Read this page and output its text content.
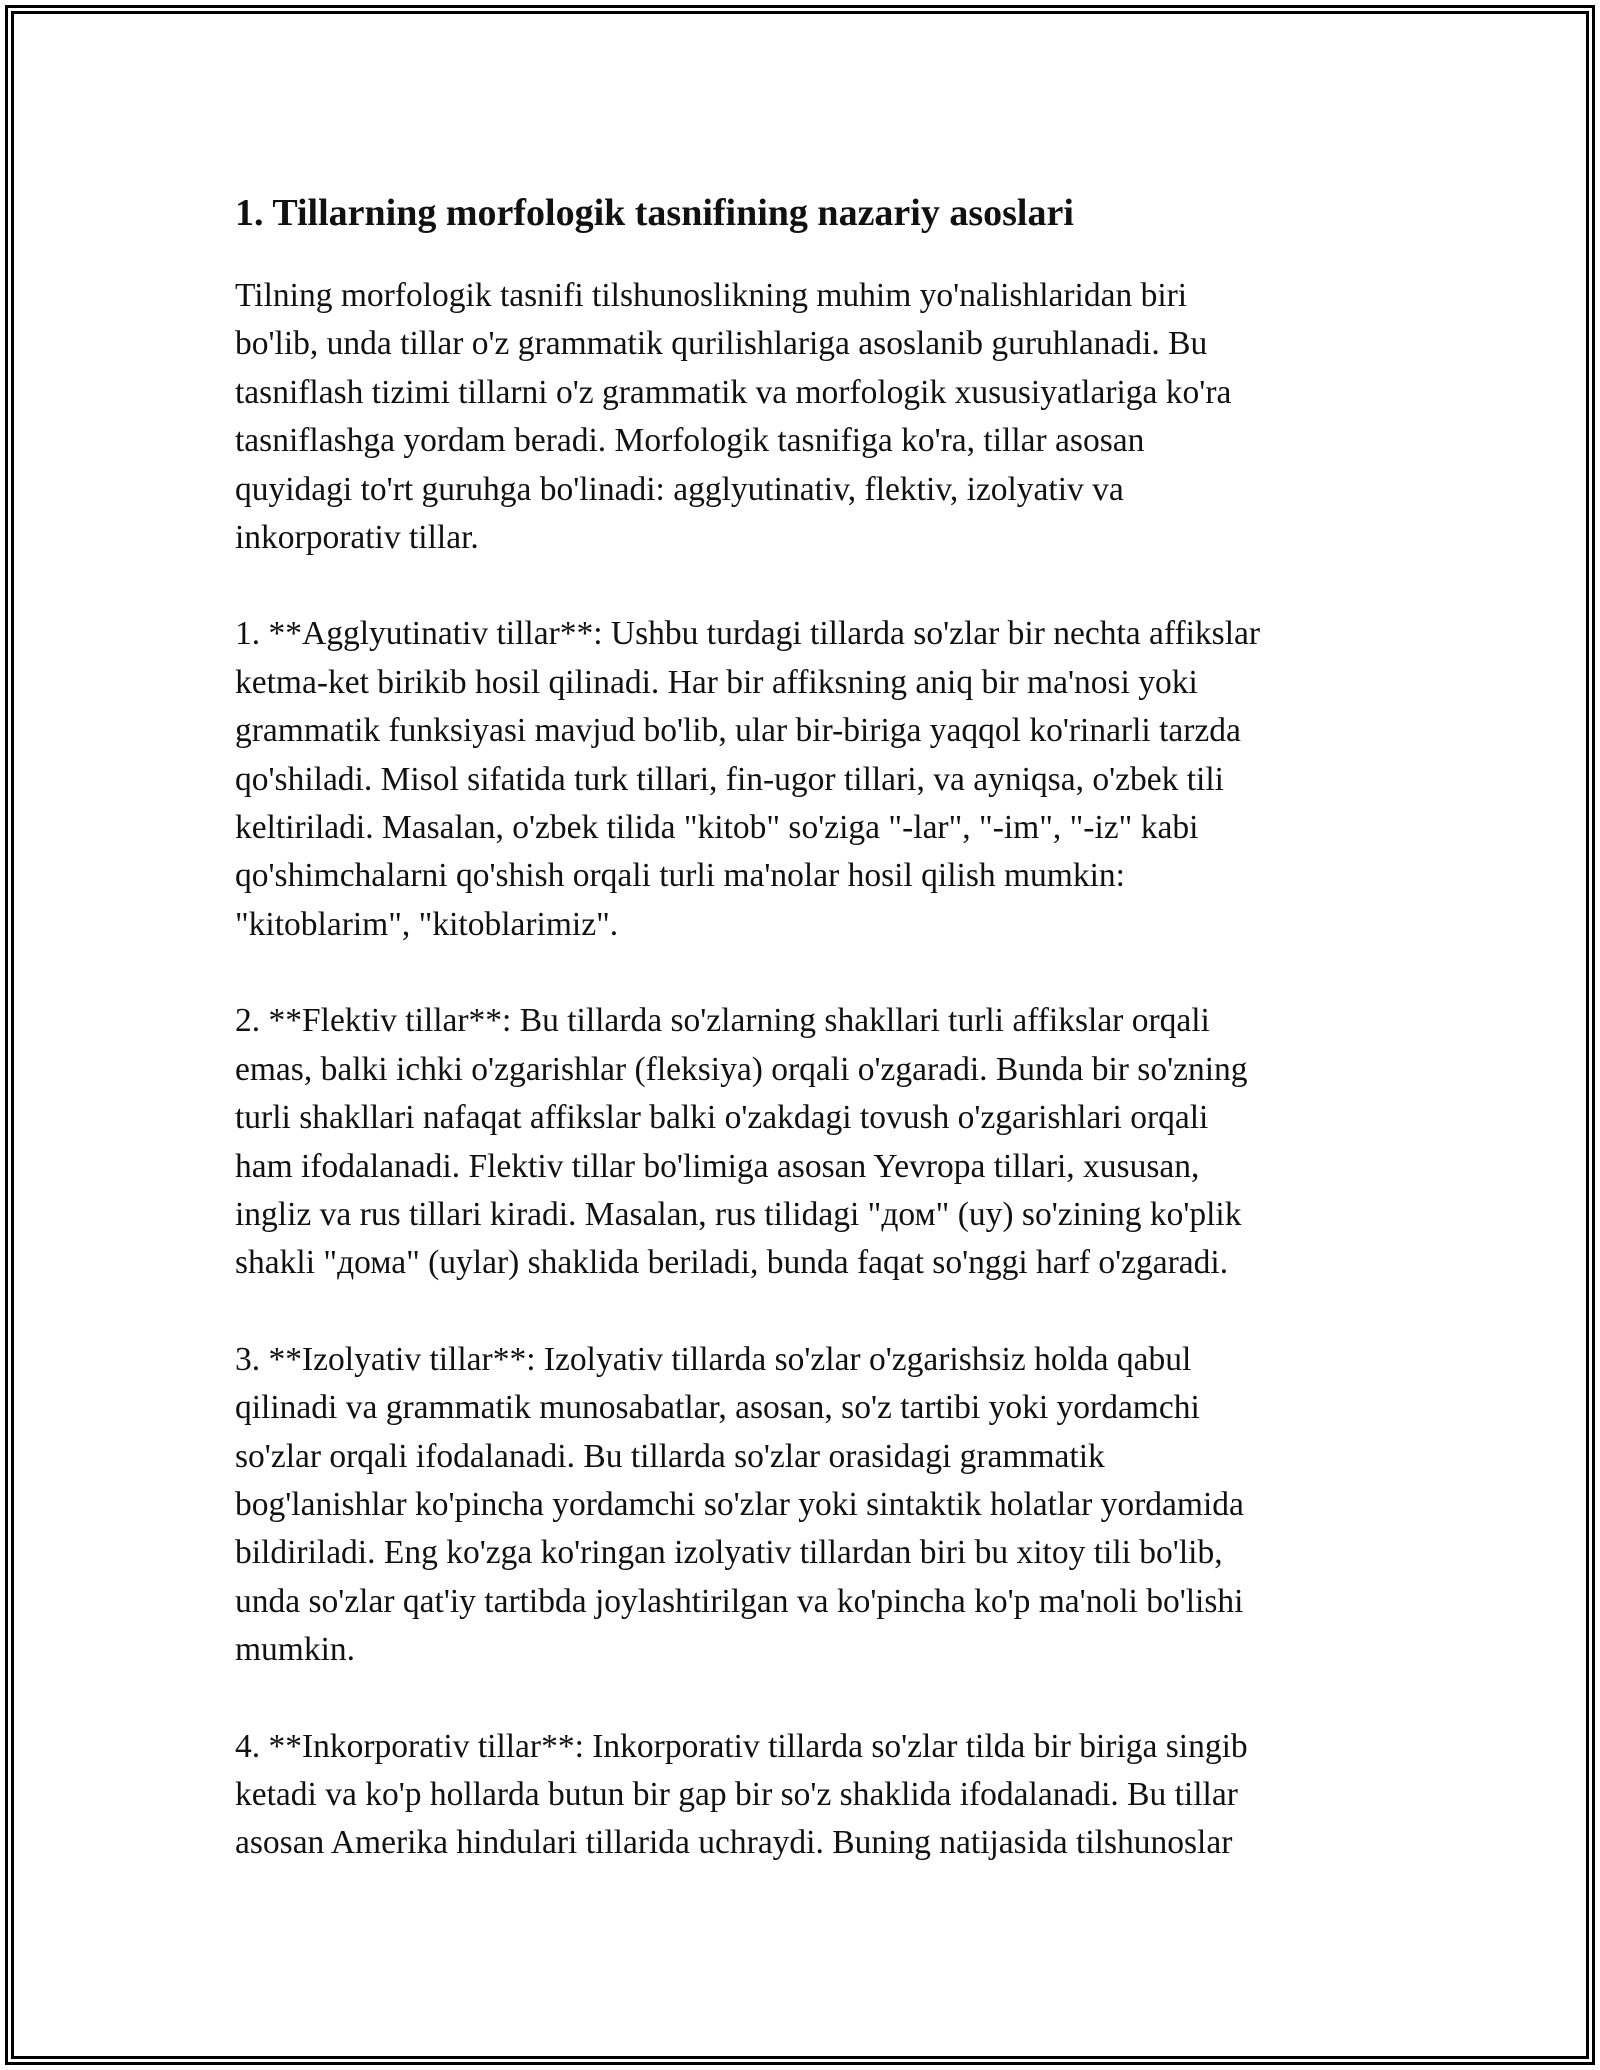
1. Tillarning morfologik tasnifining nazariy asoslari

Tilning morfologik tasnifi tilshunoslikning muhim yo'nalishlaridan biri
bo'lib, unda tillar o'z grammatik qurilishlariga asoslanib guruhlanadi. Bu
tasniflash tizimi tillarni o'z grammatik va morfologik xususiyatlariga ko'ra
tasniflashga yordam beradi. Morfologik tasnifiga ko'ra, tillar asosan
quyidagi to'rt guruhga bo'linadi: agglyutinativ, flektiv, izolyativ va
inkorporativ tillar.

1. **Agglyutinativ tillar**: Ushbu turdagi tillarda so'zlar bir nechta affikslar
ketma-ket birikib hosil qilinadi. Har bir affiksning aniq bir ma'nosi yoki
grammatik funksiyasi mavjud bo'lib, ular bir-biriga yaqqol ko'rinarli tarzda
qo'shiladi. Misol sifatida turk tillari, fin-ugor tillari, va ayniqsa, o'zbek tili
keltiriladi. Masalan, o'zbek tilida "kitob" so'ziga "-lar", "-im", "-iz" kabi
qo'shimchalarni qo'shish orqali turli ma'nolar hosil qilish mumkin:
"kitoblarim", "kitoblarimiz".

2. **Flektiv tillar**: Bu tillarda so'zlarning shakllari turli affikslar orqali
emas, balki ichki o'zgarishlar (fleksiya) orqali o'zgaradi. Bunda bir so'zning
turli shakllari nafaqat affikslar balki o'zakdagi tovush o'zgarishlari orqali
ham ifodalanadi. Flektiv tillar bo'limiga asosan Yevropa tillari, xususan,
ingliz va rus tillari kiradi. Masalan, rus tilidagi "дом" (uy) so'zining ko'plik
shakli "дома" (uylar) shaklida beriladi, bunda faqat so'nggi harf o'zgaradi.

3. **Izolyativ tillar**: Izolyativ tillarda so'zlar o'zgarishsiz holda qabul
qilinadi va grammatik munosabatlar, asosan, so'z tartibi yoki yordamchi
so'zlar orqali ifodalanadi. Bu tillarda so'zlar orasidagi grammatik
bog'lanishlar ko'pincha yordamchi so'zlar yoki sintaktik holatlar yordamida
bildiriladi. Eng ko'zga ko'ringan izolyativ tillardan biri bu xitoy tili bo'lib,
unda so'zlar qat'iy tartibda joylashtirilgan va ko'pincha ko'p ma'noli bo'lishi
mumkin.

4. **Inkorporativ tillar**: Inkorporativ tillarda so'zlar tilda bir biriga singib
ketadi va ko'p hollarda butun bir gap bir so'z shaklida ifodalanadi. Bu tillar
asosan Amerika hindulari tillarida uchraydi. Buning natijasida tilshunoslar
